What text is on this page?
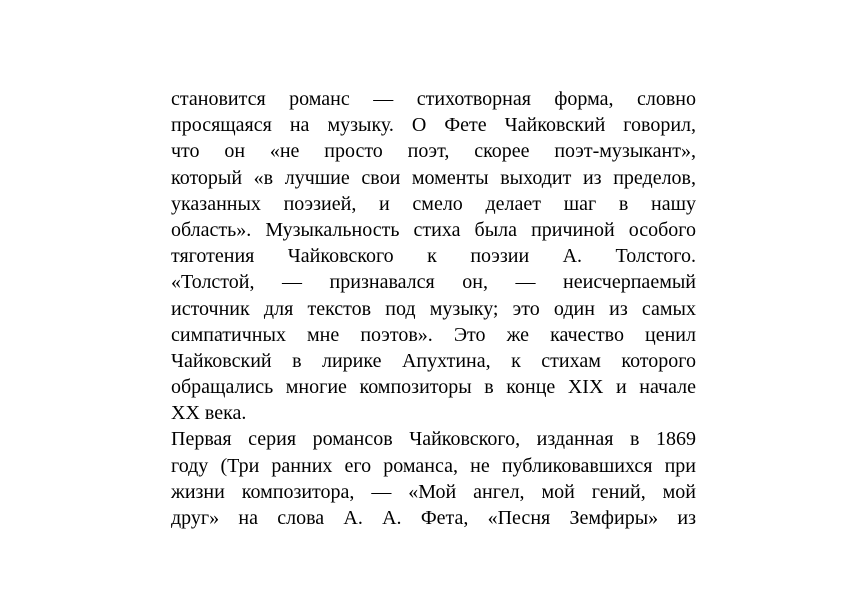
становится романс — стихотворная форма, словно
просящаяся на музыку. О Фете Чайковский говорил,
что он «не просто поэт, скорее поэт-музыкант»,
который «в лучшие свои моменты выходит из пределов,
указанных поэзией, и смело делает шаг в нашу
область». Музыкальность стиха была причиной особого
тяготения Чайковского к поэзии А. Толстого.
«Толстой, — признавался он, — неисчерпаемый
источник для текстов под музыку; это один из самых
симпатичных мне поэтов». Это же качество ценил
Чайковский в лирике Апухтина, к стихам которого
обращались многие композиторы в конце XIX и начале
XX века.
Первая серия романсов Чайковского, изданная в 1869
году (Три ранних его романса, не публиковавшихся при
жизни композитора, — «Мой ангел, мой гений, мой
друг» на слова А. А. Фета, «Песня Земфиры» из
